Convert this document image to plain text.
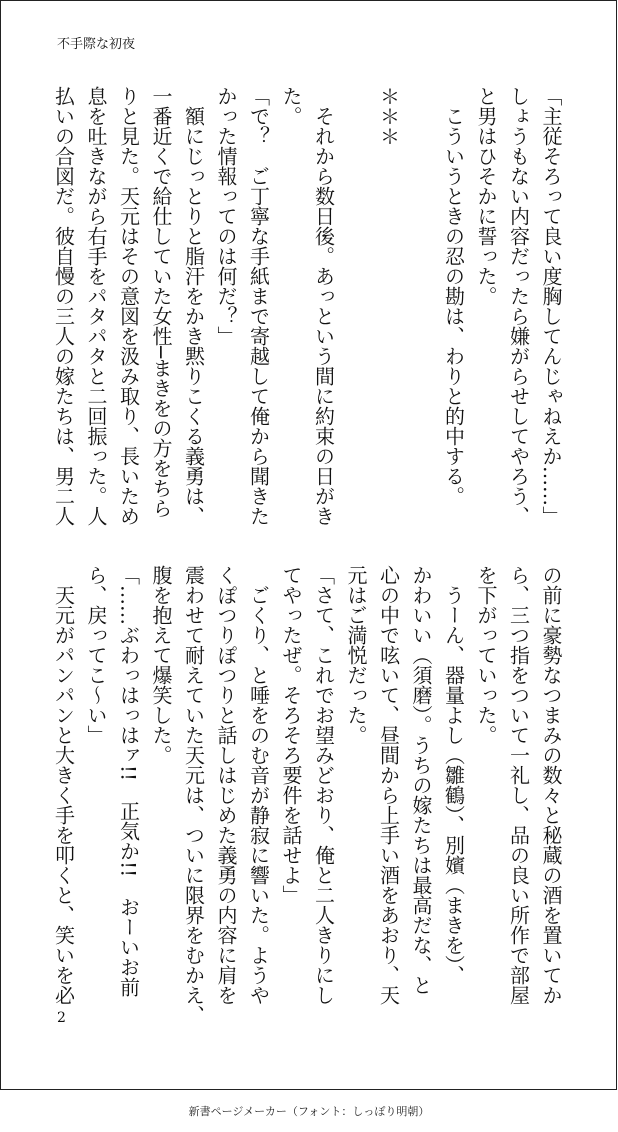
不手際な初夜
「主従そろって良い度胸してんじゃねえか……」
しょうもない内容だったら嫌がらせしてやろう、
と男はひそかに誓った。
　こういうときの忍の勘は、わりと的中する。
＊＊＊
　それから数日後。あっという間に約束の日がき
た。
「で？　ご丁寧な手紙まで寄越して俺から聞きた
かった情報ってのは何だ？」
　額にじっとりと脂汗をかき黙りこくる義勇は、
一番近くで給仕していた女性─まきをの方をちら
りと見た。天元はその意図を汲み取り、長いため
息を吐きながら右手をパタパタと二回振った。人
払いの合図だ。彼自慢の三人の嫁たちは、男二人
の前に豪勢なつまみの数々と秘蔵の酒を置いてか
ら、三つ指をついて一礼し、品の良い所作で部屋
を下がっていった。
　うーん、器量よし（雛鶴）、別嬪（まきを）、
かわいい（須磨）。うちの嫁たちは最高だな、と
心の中で呟いて、昼間から上手い酒をあおり、天
元はご満悦だった。
「さて、これでお望みどおり、俺と二人きりにし
てやったぜ。そろそろ要件を話せよ」
　ごくり、と唾をのむ音が静寂に響いた。ようや
くぽつりぽつりと話しはじめた義勇の内容に肩を
震わせて耐えていた天元は、ついに限界をむかえ、
腹を抱えて爆笑した。
「……ぶわっはっはァ!!　正気か!!　おーいお前
ら、戻ってこ〜い」
　天元がパンパンと大きく手を叩くと、笑いを必
2
新書ページメーカー（フォント：しっぽり明朝）
